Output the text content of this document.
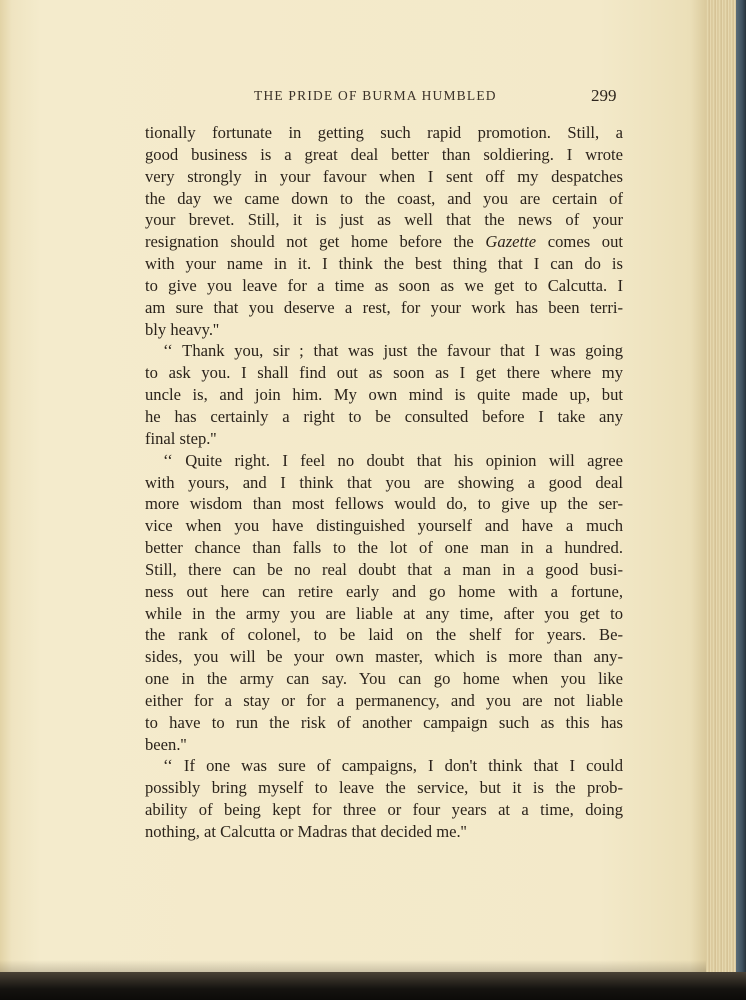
THE PRIDE OF BURMA HUMBLED	299
tionally fortunate in getting such rapid promotion. Still, a
good business is a great deal better than soldiering. I wrote
very strongly in your favour when I sent off my despatches
the day we came down to the coast, and you are certain of
your brevet. Still, it is just as well that the news of your
resignation should not get home before the Gazette comes out
with your name in it. I think the best thing that I can do is
to give you leave for a time as soon as we get to Calcutta. I
am sure that you deserve a rest, for your work has been terri-
bly heavy.''
‘‘ Thank you, sir ; that was just the favour that I was going
to ask you. I shall find out as soon as I get there where my
uncle is, and join him. My own mind is quite made up, but
he has certainly a right to be consulted before I take any
final step.''
‘‘ Quite right. I feel no doubt that his opinion will agree
with yours, and I think that you are showing a good deal
more wisdom than most fellows would do, to give up the ser-
vice when you have distinguished yourself and have a much
better chance than falls to the lot of one man in a hundred.
Still, there can be no real doubt that a man in a good busi-
ness out here can retire early and go home with a fortune,
while in the army you are liable at any time, after you get to
the rank of colonel, to be laid on the shelf for years. Be-
sides, you will be your own master, which is more than any-
one in the army can say. You can go home when you like
either for a stay or for a permanency, and you are not liable
to have to run the risk of another campaign such as this has
been.''
‘‘ If one was sure of campaigns, I don't think that I could
possibly bring myself to leave the service, but it is the prob-
ability of being kept for three or four years at a time, doing
nothing, at Calcutta or Madras that decided me.''
